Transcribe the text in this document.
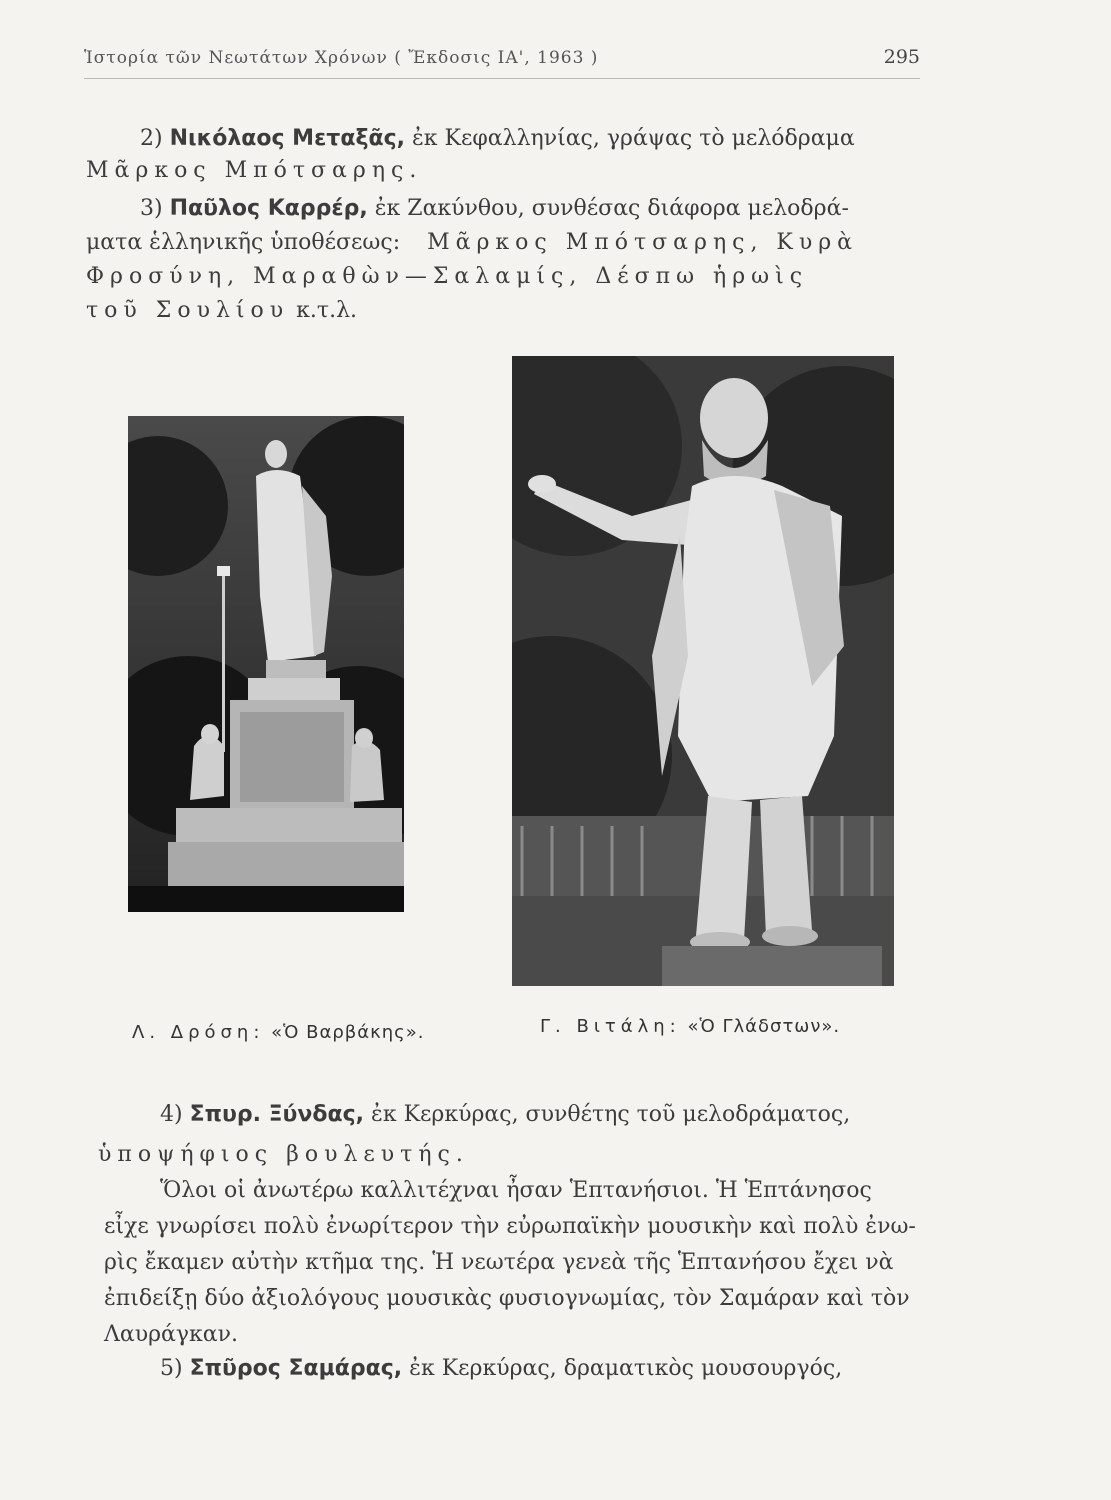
Ἱστορία τῶν Νεωτάτων Χρόνων ( Ἔκδοσις ΙΑ', 1963 )	295
2) Νικόλαος Μεταξᾶς, ἐκ Κεφαλληνίας, γράψας τὸ μελόδραμα
Μᾶρκος Μπότσαρης.
3) Παῦλος Καρρέρ, ἐκ Ζακύνθου, συνθέσας διάφορα μελοδρά-
ματα ἑλληνικῆς ὑποθέσεως: Μᾶρκος Μπότσαρης, Κυρὰ
Φροσύνη, Μαραθὼν—Σαλαμίς, Δέσπω ἡρωὶς
τοῦ Σουλίου κ.τ.λ.
Λ. Δρόση: «Ὁ Βαρβάκης».	Γ. Βιτάλη: «Ὁ Γλάδστων».
4) Σπυρ. Ξύνδας, ἐκ Κερκύρας, συνθέτης τοῦ μελοδράματος,
ὑποψήφιος βουλευτής.
Ὅλοι οἱ ἀνωτέρω καλλιτέχναι ἦσαν Ἑπτανήσιοι. Ἡ Ἑπτάνησος
εἶχε γνωρίσει πολὺ ἐνωρίτερον τὴν εὐρωπαϊκὴν μουσικὴν καὶ πολὺ ἐνω-
ρὶς ἔκαμεν αὐτὴν κτῆμα της. Ἡ νεωτέρα γενεὰ τῆς Ἑπτανήσου ἔχει νὰ
ἐπιδείξῃ δύο ἀξιολόγους μουσικὰς φυσιογνωμίας, τὸν Σαμάραν καὶ τὸν
Λαυράγκαν.
5) Σπῦρος Σαμάρας, ἐκ Κερκύρας, δραματικὸς μουσουργός,
